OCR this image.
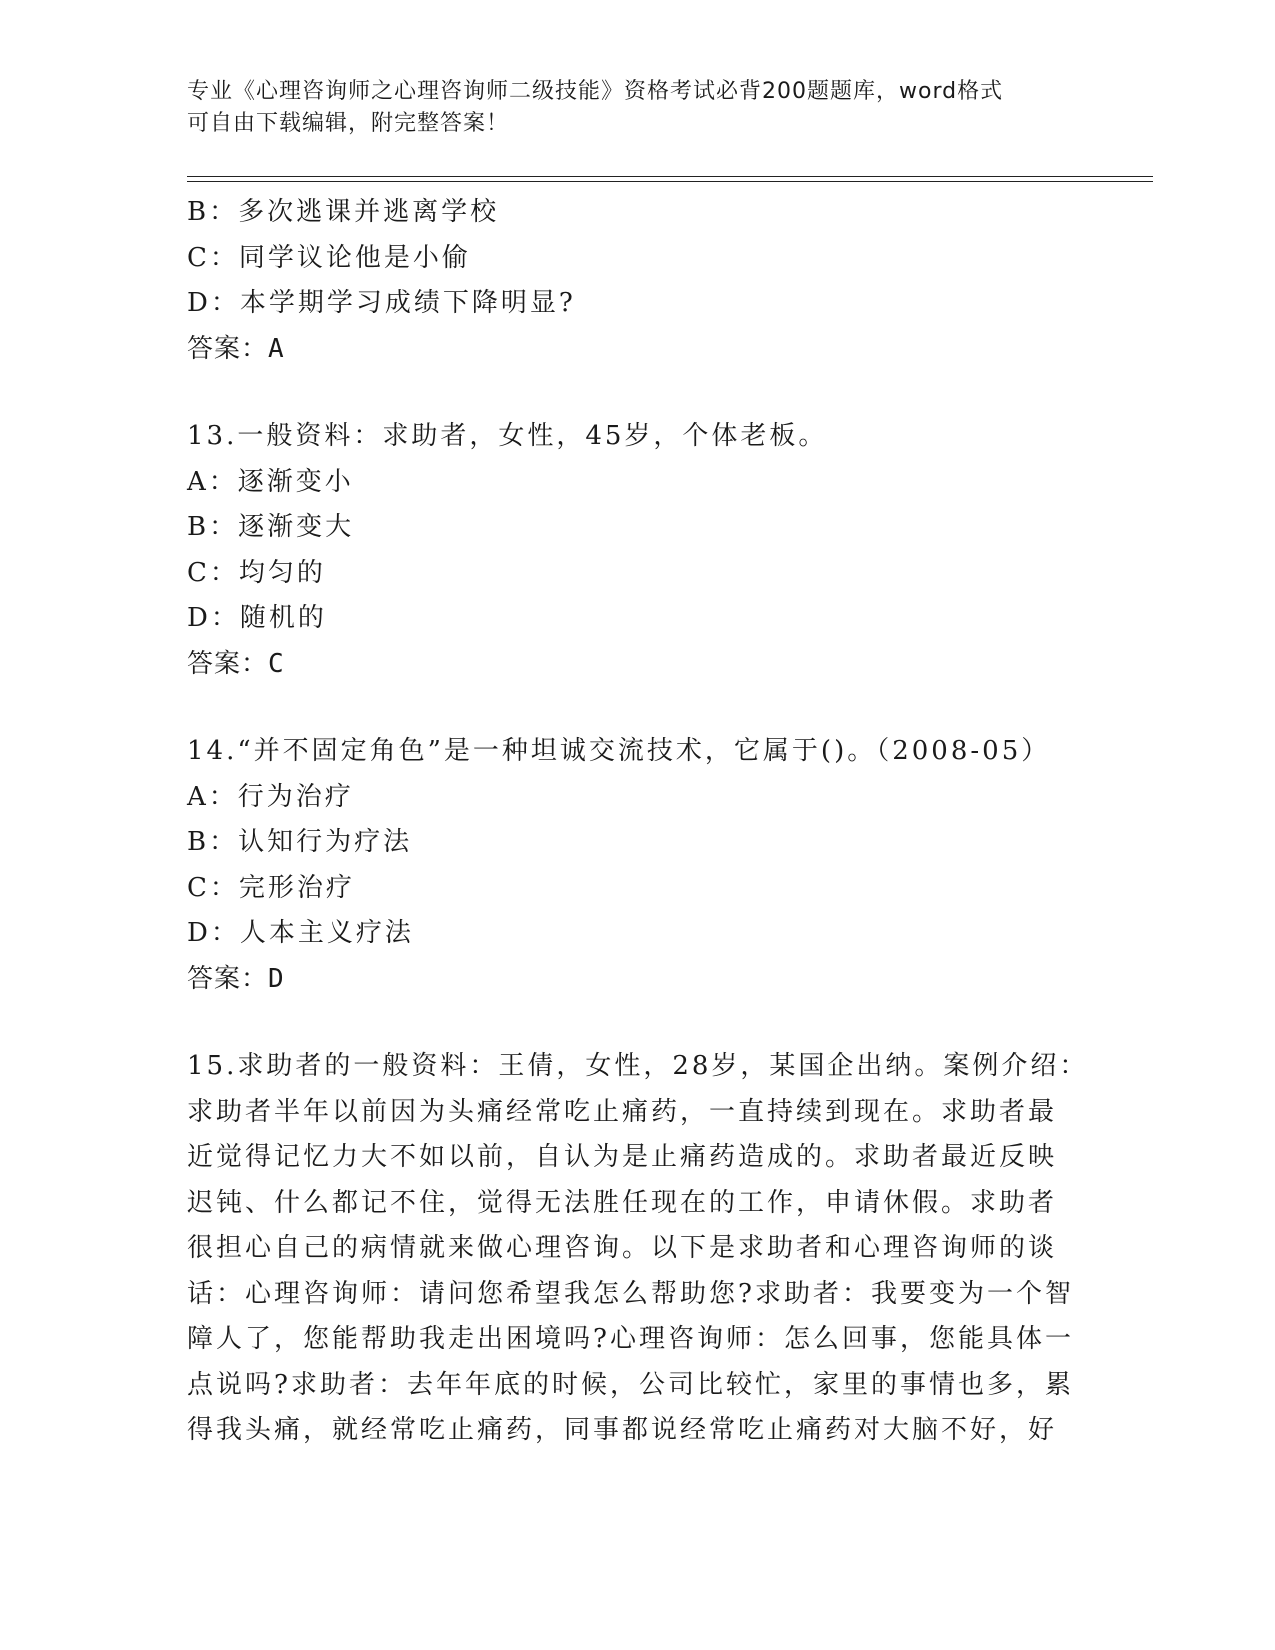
专业《心理咨询师之心理咨询师二级技能》资格考试必背200题题库，word格式
可自由下载编辑，附完整答案！
B：多次逃课并逃离学校
C：同学议论他是小偷
D：本学期学习成绩下降明显?
答案：A
13.一般资料：求助者，女性，45岁，个体老板。
A：逐渐变小
B：逐渐变大
C：均匀的
D：随机的
答案：C
14.“并不固定角色”是一种坦诚交流技术，它属于()。（2008-05）
A：行为治疗
B：认知行为疗法
C：完形治疗
D：人本主义疗法
答案：D
15.求助者的一般资料：王倩，女性，28岁，某国企出纳。案例介绍：
求助者半年以前因为头痛经常吃止痛药，一直持续到现在。求助者最
近觉得记忆力大不如以前，自认为是止痛药造成的。求助者最近反映
迟钝、什么都记不住，觉得无法胜任现在的工作，申请休假。求助者
很担心自己的病情就来做心理咨询。以下是求助者和心理咨询师的谈
话：心理咨询师：请问您希望我怎么帮助您?求助者：我要变为一个智
障人了，您能帮助我走出困境吗?心理咨询师：怎么回事，您能具体一
点说吗?求助者：去年年底的时候，公司比较忙，家里的事情也多，累
得我头痛，就经常吃止痛药，同事都说经常吃止痛药对大脑不好，好
